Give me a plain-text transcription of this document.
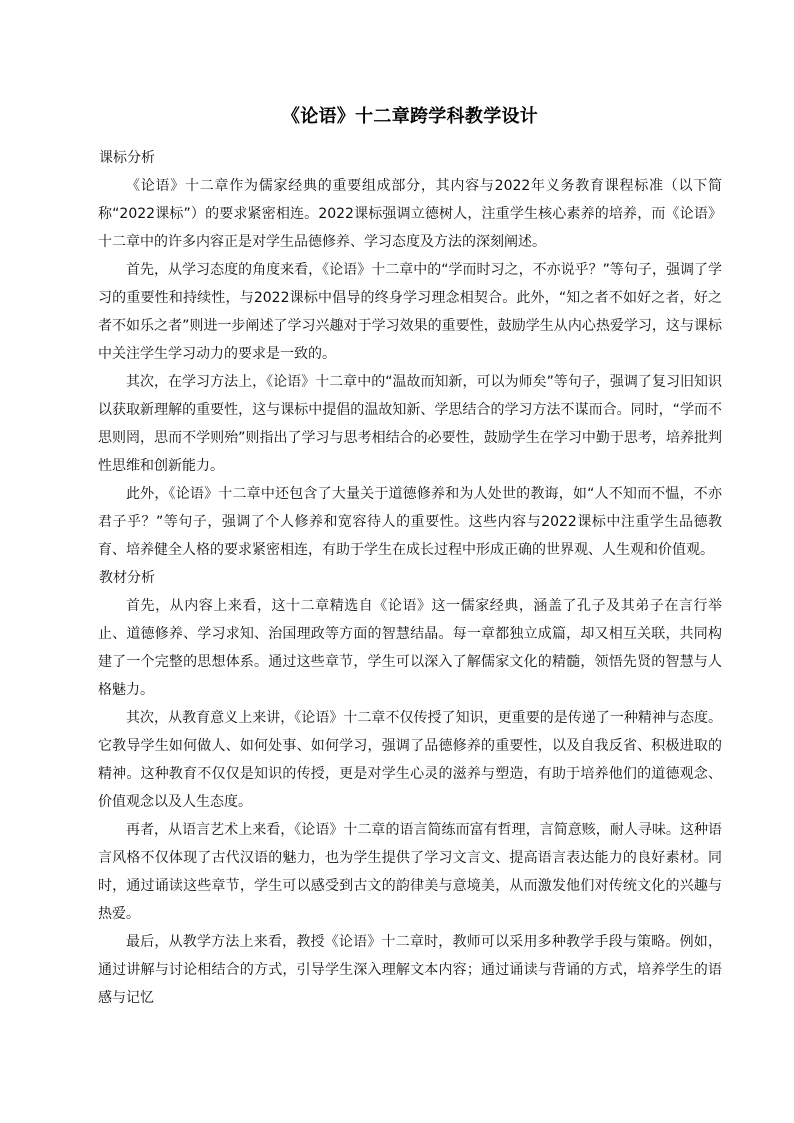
《论语》十二章跨学科教学设计

课标分析

《论语》十二章作为儒家经典的重要组成部分，其内容与2022年义务教育课程标准（以下简称“2022课标”）的要求紧密相连。2022课标强调立德树人，注重学生核心素养的培养，而《论语》十二章中的许多内容正是对学生品德修养、学习态度及方法的深刻阐述。

首先，从学习态度的角度来看，《论语》十二章中的“学而时习之，不亦说乎？”等句子，强调了学习的重要性和持续性，与2022课标中倡导的终身学习理念相契合。此外，“知之者不如好之者，好之者不如乐之者”则进一步阐述了学习兴趣对于学习效果的重要性，鼓励学生从内心热爱学习，这与课标中关注学生学习动力的要求是一致的。

其次，在学习方法上，《论语》十二章中的“温故而知新，可以为师矣”等句子，强调了复习旧知识以获取新理解的重要性，这与课标中提倡的温故知新、学思结合的学习方法不谋而合。同时，“学而不思则罔，思而不学则殆”则指出了学习与思考相结合的必要性，鼓励学生在学习中勤于思考，培养批判性思维和创新能力。

此外，《论语》十二章中还包含了大量关于道德修养和为人处世的教诲，如“人不知而不愠，不亦君子乎？”等句子，强调了个人修养和宽容待人的重要性。这些内容与2022课标中注重学生品德教育、培养健全人格的要求紧密相连，有助于学生在成长过程中形成正确的世界观、人生观和价值观。

教材分析

首先，从内容上来看，这十二章精选自《论语》这一儒家经典，涵盖了孔子及其弟子在言行举止、道德修养、学习求知、治国理政等方面的智慧结晶。每一章都独立成篇，却又相互关联，共同构建了一个完整的思想体系。通过这些章节，学生可以深入了解儒家文化的精髓，领悟先贤的智慧与人格魅力。

其次，从教育意义上来讲，《论语》十二章不仅传授了知识，更重要的是传递了一种精神与态度。它教导学生如何做人、如何处事、如何学习，强调了品德修养的重要性，以及自我反省、积极进取的精神。这种教育不仅仅是知识的传授，更是对学生心灵的滋养与塑造，有助于培养他们的道德观念、价值观念以及人生态度。

再者，从语言艺术上来看，《论语》十二章的语言简练而富有哲理，言简意赅，耐人寻味。这种语言风格不仅体现了古代汉语的魅力，也为学生提供了学习文言文、提高语言表达能力的良好素材。同时，通过诵读这些章节，学生可以感受到古文的韵律美与意境美，从而激发他们对传统文化的兴趣与热爱。

最后，从教学方法上来看，教授《论语》十二章时，教师可以采用多种教学手段与策略。例如，通过讲解与讨论相结合的方式，引导学生深入理解文本内容；通过诵读与背诵的方式，培养学生的语感与记忆
